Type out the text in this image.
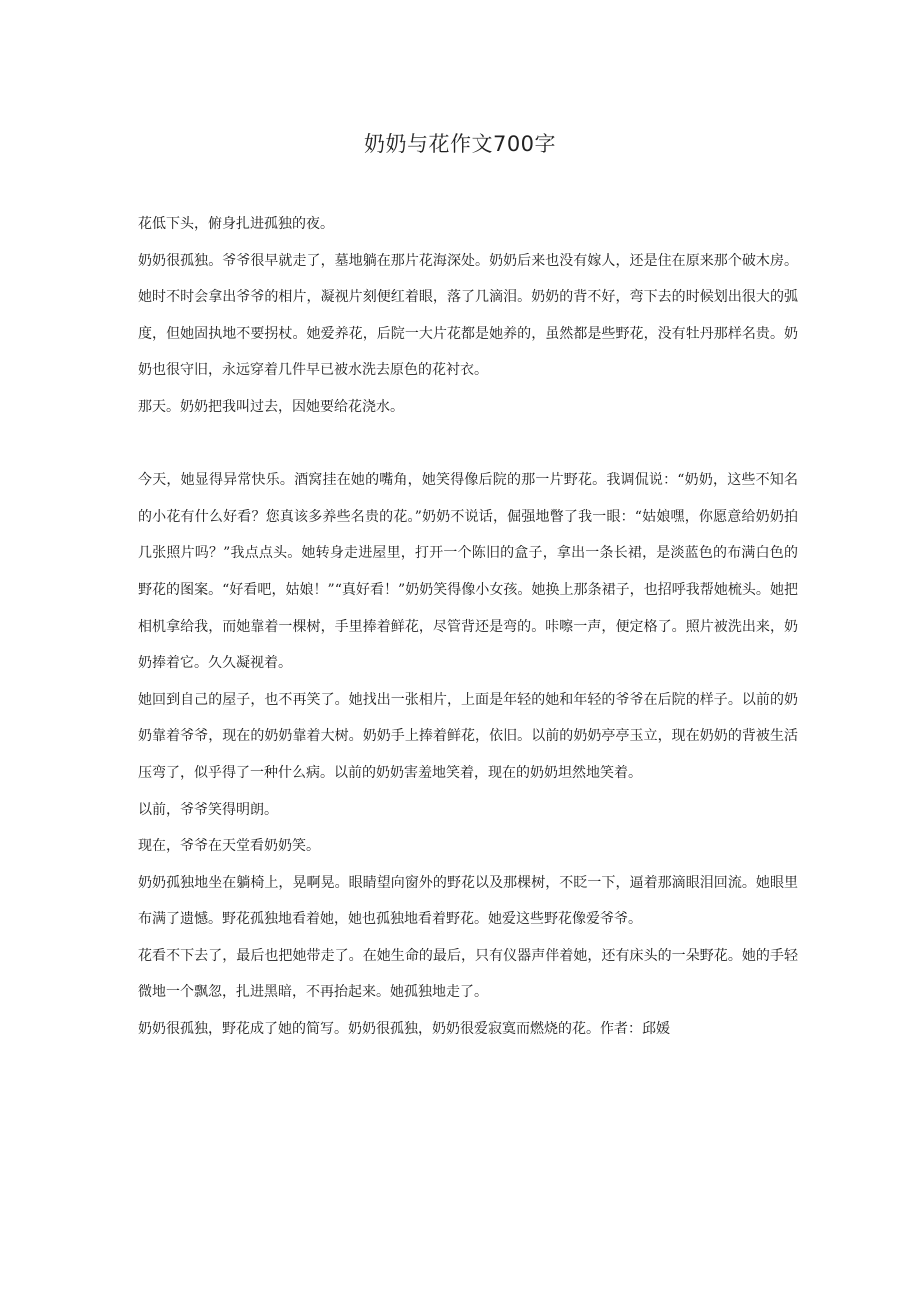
奶奶与花作文700字

花低下头，俯身扎进孤独的夜。

奶奶很孤独。爷爷很早就走了，墓地躺在那片花海深处。奶奶后来也没有嫁人，还是住在原来那个破木房。她时不时会拿出爷爷的相片，凝视片刻便红着眼，落了几滴泪。奶奶的背不好，弯下去的时候划出很大的弧度，但她固执地不要拐杖。她爱养花，后院一大片花都是她养的，虽然都是些野花，没有牡丹那样名贵。奶奶也很守旧，永远穿着几件早已被水洗去原色的花衬衣。

那天。奶奶把我叫过去，因她要给花浇水。

今天，她显得异常快乐。酒窝挂在她的嘴角，她笑得像后院的那一片野花。我调侃说：“奶奶，这些不知名的小花有什么好看？您真该多养些名贵的花。”奶奶不说话，倔强地瞥了我一眼：“姑娘嘿，你愿意给奶奶拍几张照片吗？”我点点头。她转身走进屋里，打开一个陈旧的盒子，拿出一条长裙，是淡蓝色的布满白色的野花的图案。“好看吧，姑娘！”“真好看！”奶奶笑得像小女孩。她换上那条裙子，也招呼我帮她梳头。她把相机拿给我，而她靠着一棵树，手里捧着鲜花，尽管背还是弯的。咔嚓一声，便定格了。照片被洗出来，奶奶捧着它。久久凝视着。

她回到自己的屋子，也不再笑了。她找出一张相片，上面是年轻的她和年轻的爷爷在后院的样子。以前的奶奶靠着爷爷，现在的奶奶靠着大树。奶奶手上捧着鲜花，依旧。以前的奶奶亭亭玉立，现在奶奶的背被生活压弯了，似乎得了一种什么病。以前的奶奶害羞地笑着，现在的奶奶坦然地笑着。

以前，爷爷笑得明朗。

现在，爷爷在天堂看奶奶笑。

奶奶孤独地坐在躺椅上，晃啊晃。眼睛望向窗外的野花以及那棵树，不眨一下，逼着那滴眼泪回流。她眼里布满了遗憾。野花孤独地看着她，她也孤独地看着野花。她爱这些野花像爱爷爷。

花看不下去了，最后也把她带走了。在她生命的最后，只有仪器声伴着她，还有床头的一朵野花。她的手轻微地一个飘忽，扎进黑暗，不再抬起来。她孤独地走了。

奶奶很孤独，野花成了她的简写。奶奶很孤独，奶奶很爱寂寞而燃烧的花。作者：邱媛
